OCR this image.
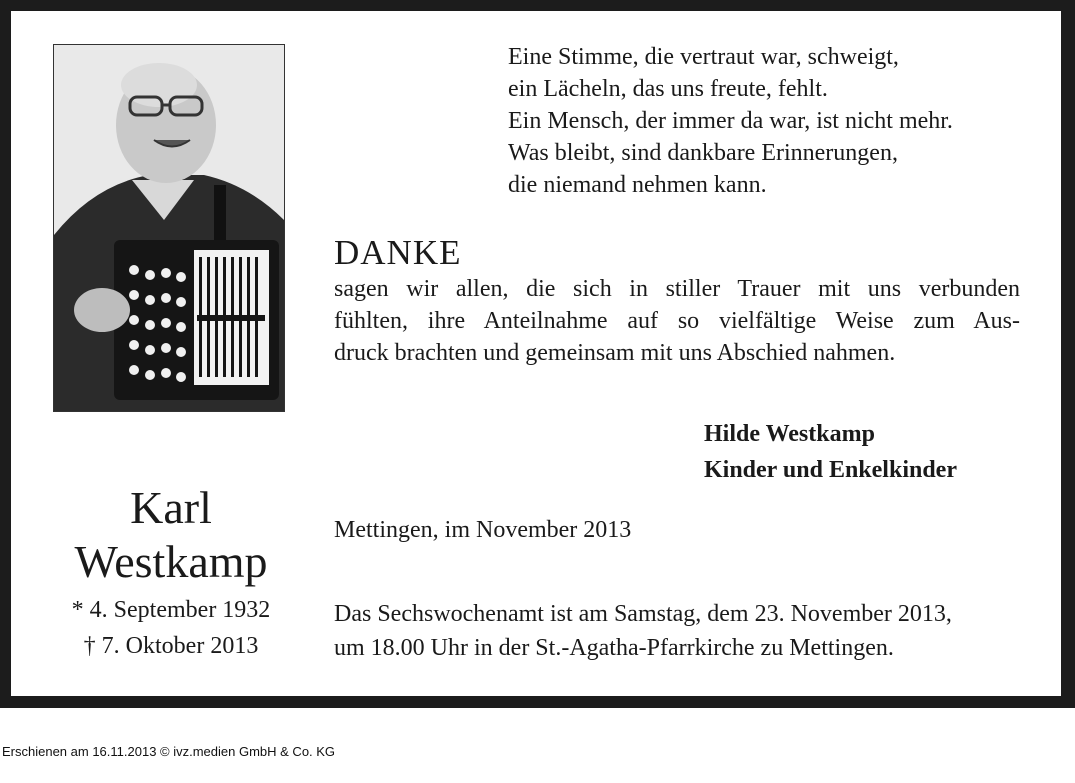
Eine Stimme, die vertraut war, schweigt,
ein Lächeln, das uns freute, fehlt.
Ein Mensch, der immer da war, ist nicht mehr.
Was bleibt, sind dankbare Erinnerungen,
die niemand nehmen kann.
DANKE
sagen wir allen, die sich in stiller Trauer mit uns verbunden
fühlten, ihre Anteilnahme auf so vielfältige Weise zum Aus-
druck brachten und gemeinsam mit uns Abschied nahmen.
Hilde Westkamp
Kinder und Enkelkinder
Karl
Westkamp
* 4. September 1932
† 7. Oktober 2013
Mettingen, im November 2013
Das Sechswochenamt ist am Samstag, dem 23. November 2013,
um 18.00 Uhr in der St.-Agatha-Pfarrkirche zu Mettingen.
Erschienen am 16.11.2013 © ivz.medien GmbH & Co. KG
